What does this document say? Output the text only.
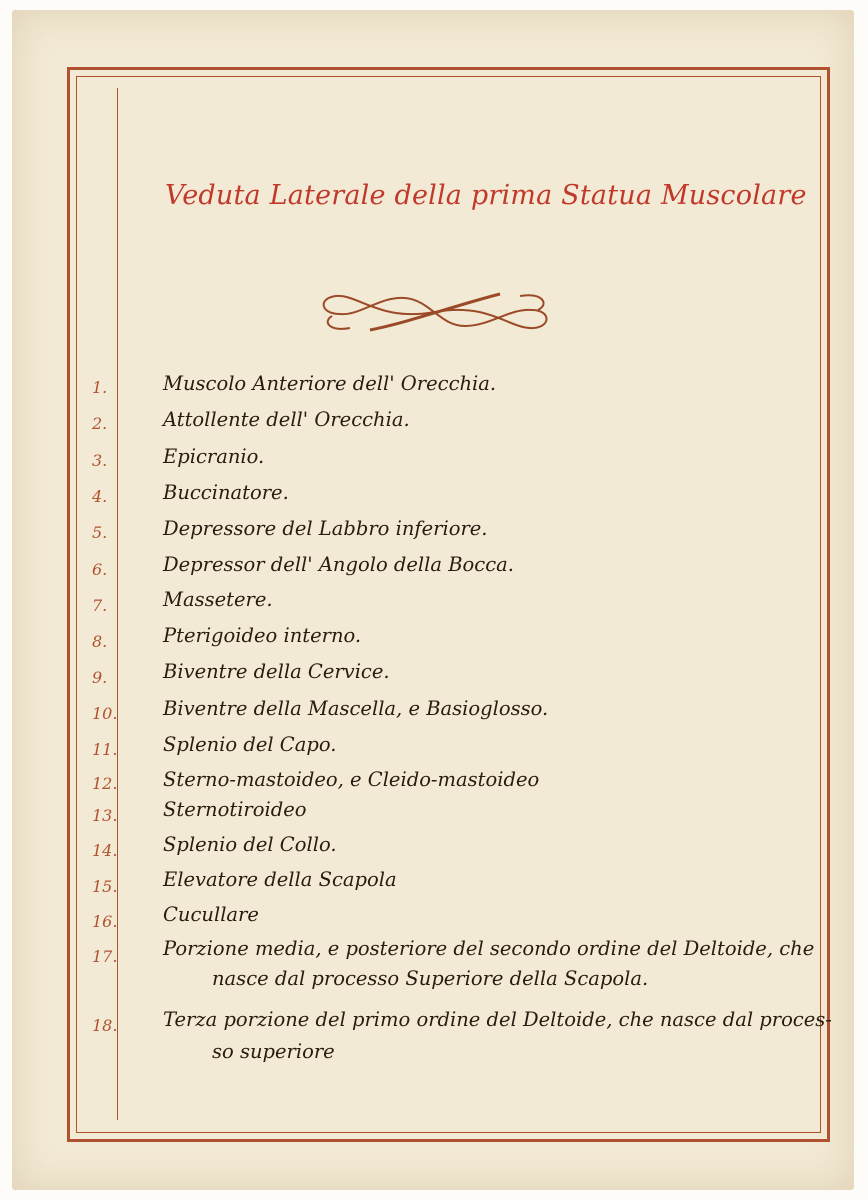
Veduta Laterale della prima Statua Muscolare
1.	Muscolo Anteriore dell' Orecchia.
2.	Attollente dell' Orecchia.
3.	Epicranio.
4.	Buccinatore.
5.	Depressore del Labbro inferiore.
6.	Depressor dell' Angolo della Bocca.
7.	Massetere.
8.	Pterigoideo interno.
9.	Biventre della Cervice.
10.	Biventre della Mascella, e Basioglosso.
11.	Splenio del Capo.
12.	Sterno-mastoideo, e Cleido-mastoideo
13.	Sternotiroideo
14.	Splenio del Collo.
15.	Elevatore della Scapola
16.	Cucullare
17.	Porzione media, e posteriore del secondo ordine del Deltoide, che
nasce dal processo Superiore della Scapola.
18.	Terza porzione del primo ordine del Deltoide, che nasce dal proces-
so superiore
